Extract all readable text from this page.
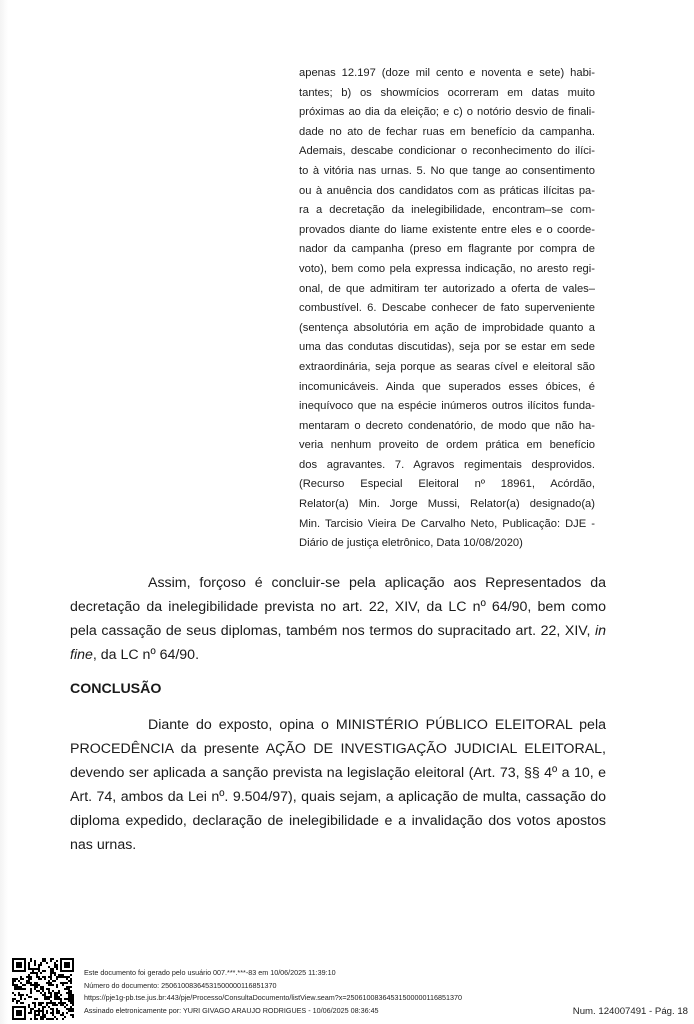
apenas 12.197 (doze mil cento e noventa e sete) habi-
tantes; b) os showmícios ocorreram em datas muito
próximas ao dia da eleição; e c) o notório desvio de finali-
dade no ato de fechar ruas em benefício da campanha.
Ademais, descabe condicionar o reconhecimento do ilíci-
to à vitória nas urnas. 5. No que tange ao consentimento
ou à anuência dos candidatos com as práticas ilícitas pa-
ra a decretação da inelegibilidade, encontram–se com-
provados diante do liame existente entre eles e o coorde-
nador da campanha (preso em flagrante por compra de
voto), bem como pela expressa indicação, no aresto regi-
onal, de que admitiram ter autorizado a oferta de vales–
combustível. 6. Descabe conhecer de fato superveniente
(sentença absolutória em ação de improbidade quanto a
uma das condutas discutidas), seja por se estar em sede
extraordinária, seja porque as searas cível e eleitoral são
incomunicáveis. Ainda que superados esses óbices, é
inequívoco que na espécie inúmeros outros ilícitos funda-
mentaram o decreto condenatório, de modo que não ha-
veria nenhum proveito de ordem prática em benefício
dos agravantes. 7. Agravos regimentais desprovidos.
(Recurso Especial Eleitoral nº 18961, Acórdão,
Relator(a) Min. Jorge Mussi, Relator(a) designado(a)
Min. Tarcisio Vieira De Carvalho Neto, Publicação: DJE -
Diário de justiça eletrônico, Data 10/08/2020)
Assim, forçoso é concluir-se pela aplicação aos Representados da decretação da inelegibilidade prevista no art. 22, XIV, da LC nº 64/90, bem como pela cassação de seus diplomas, também nos termos do supracitado art. 22, XIV, in fine, da LC nº 64/90.
CONCLUSÃO
Diante do exposto, opina o MINISTÉRIO PÚBLICO ELEITORAL pela PROCEDÊNCIA da presente AÇÃO DE INVESTIGAÇÃO JUDICIAL ELEITORAL, devendo ser aplicada a sanção prevista na legislação eleitoral (Art. 73, §§ 4º a 10, e Art. 74, ambos da Lei nº. 9.504/97), quais sejam, a aplicação de multa, cassação do diploma expedido, declaração de inelegibilidade e a invalidação dos votos apostos nas urnas.
Este documento foi gerado pelo usuário 007.***.***-83 em 10/06/2025 11:39:10
Número do documento: 25061008364531500000116851370
https://pje1g-pb.tse.jus.br:443/pje/Processo/ConsultaDocumento/listView.seam?x=25061008364531500000116851370
Assinado eletronicamente por: YURI GIVAGO ARAUJO RODRIGUES - 10/06/2025 08:36:45	Num. 124007491 - Pág. 18
